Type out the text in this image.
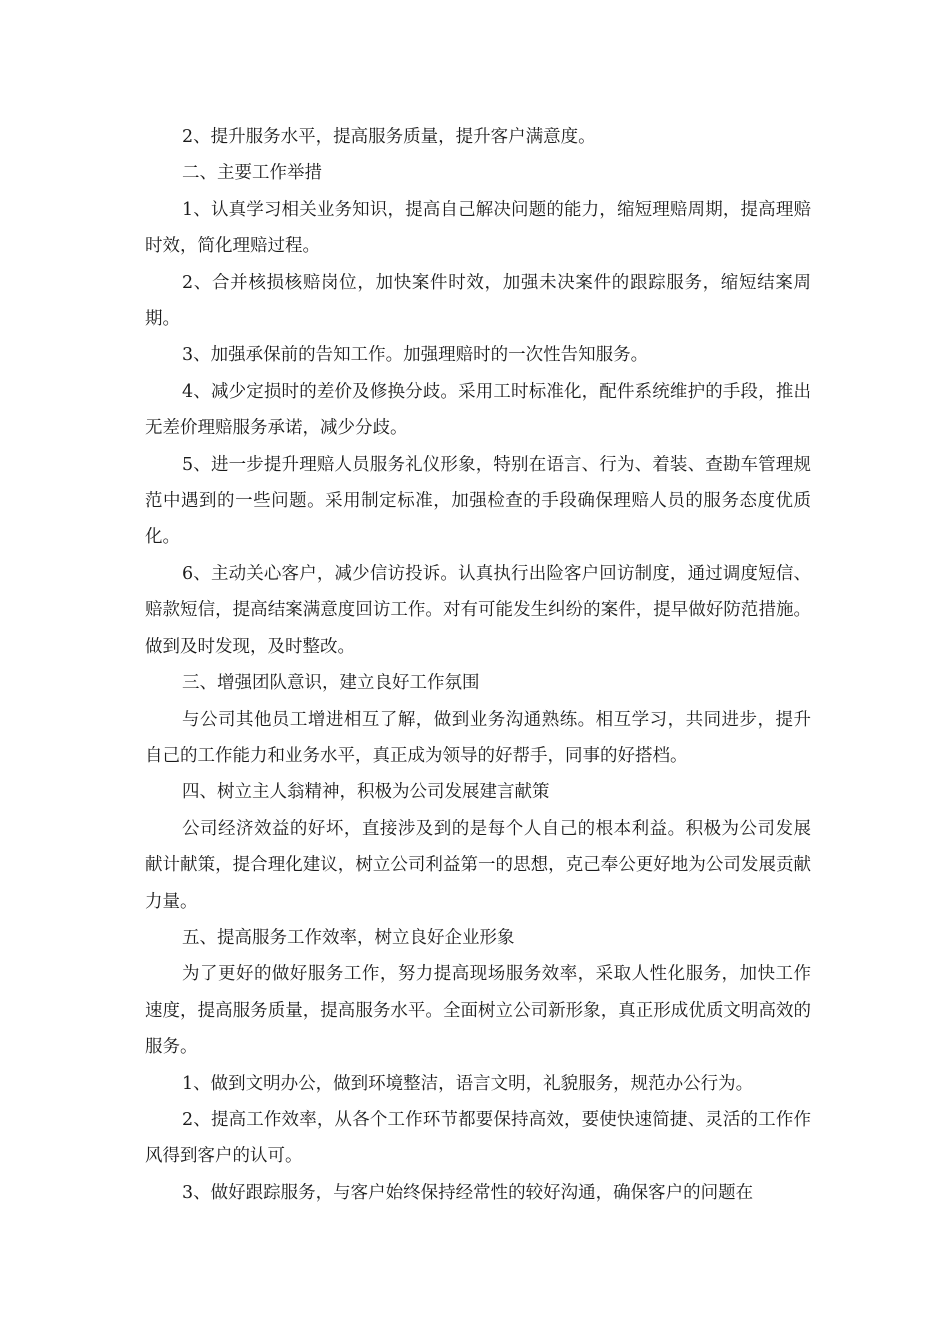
2、提升服务水平，提高服务质量，提升客户满意度。

二、主要工作举措

1、认真学习相关业务知识，提高自己解决问题的能力，缩短理赔周期，提高理赔时效，简化理赔过程。

2、合并核损核赔岗位，加快案件时效，加强未决案件的跟踪服务，缩短结案周期。

3、加强承保前的告知工作。加强理赔时的一次性告知服务。

4、减少定损时的差价及修换分歧。采用工时标准化，配件系统维护的手段，推出无差价理赔服务承诺，减少分歧。

5、进一步提升理赔人员服务礼仪形象，特别在语言、行为、着装、查勘车管理规范中遇到的一些问题。采用制定标准，加强检查的手段确保理赔人员的服务态度优质化。

6、主动关心客户，减少信访投诉。认真执行出险客户回访制度，通过调度短信、赔款短信，提高结案满意度回访工作。对有可能发生纠纷的案件，提早做好防范措施。做到及时发现，及时整改。

三、增强团队意识，建立良好工作氛围

与公司其他员工增进相互了解，做到业务沟通熟练。相互学习，共同进步，提升自己的工作能力和业务水平，真正成为领导的好帮手，同事的好搭档。

四、树立主人翁精神，积极为公司发展建言献策

公司经济效益的好坏，直接涉及到的是每个人自己的根本利益。积极为公司发展献计献策，提合理化建议，树立公司利益第一的思想，克己奉公更好地为公司发展贡献力量。

五、提高服务工作效率，树立良好企业形象

为了更好的做好服务工作，努力提高现场服务效率，采取人性化服务，加快工作速度，提高服务质量，提高服务水平。全面树立公司新形象，真正形成优质文明高效的服务。

1、做到文明办公，做到环境整洁，语言文明，礼貌服务，规范办公行为。

2、提高工作效率，从各个工作环节都要保持高效，要使快速简捷、灵活的工作作风得到客户的认可。

3、做好跟踪服务，与客户始终保持经常性的较好沟通，确保客户的问题在
